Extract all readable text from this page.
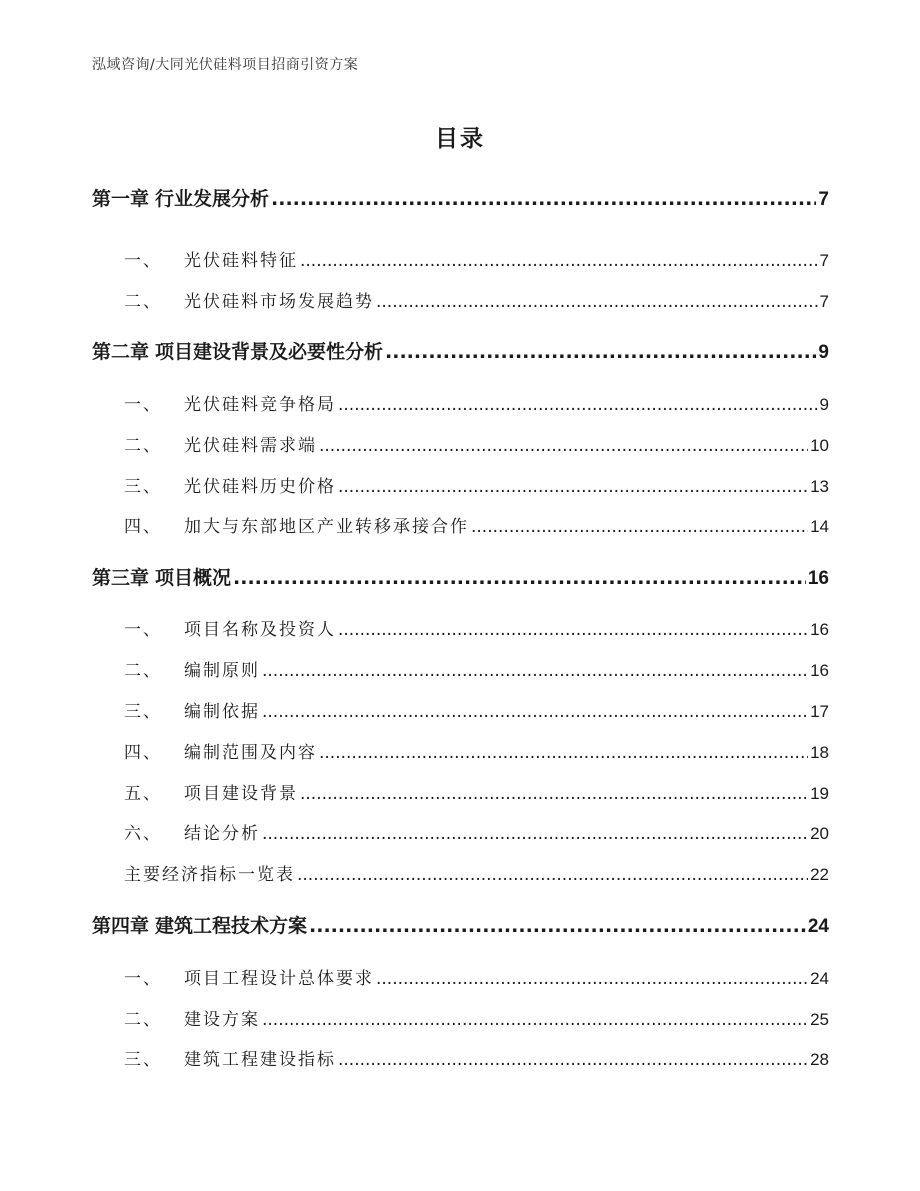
泓域咨询/大同光伏硅料项目招商引资方案
目录
第一章 行业发展分析 .....	7
一、 光伏硅料特征 .....	7
二、 光伏硅料市场发展趋势 .....	7
第二章 项目建设背景及必要性分析 .....	9
一、 光伏硅料竞争格局 .....	9
二、 光伏硅料需求端 .....	10
三、 光伏硅料历史价格 .....	13
四、 加大与东部地区产业转移承接合作 .....	14
第三章 项目概况 .....	16
一、 项目名称及投资人 .....	16
二、 编制原则 .....	16
三、 编制依据 .....	17
四、 编制范围及内容 .....	18
五、 项目建设背景 .....	19
六、 结论分析 .....	20
主要经济指标一览表 .....	22
第四章 建筑工程技术方案 .....	24
一、 项目工程设计总体要求 .....	24
二、 建设方案 .....	25
三、 建筑工程建设指标 .....	28
